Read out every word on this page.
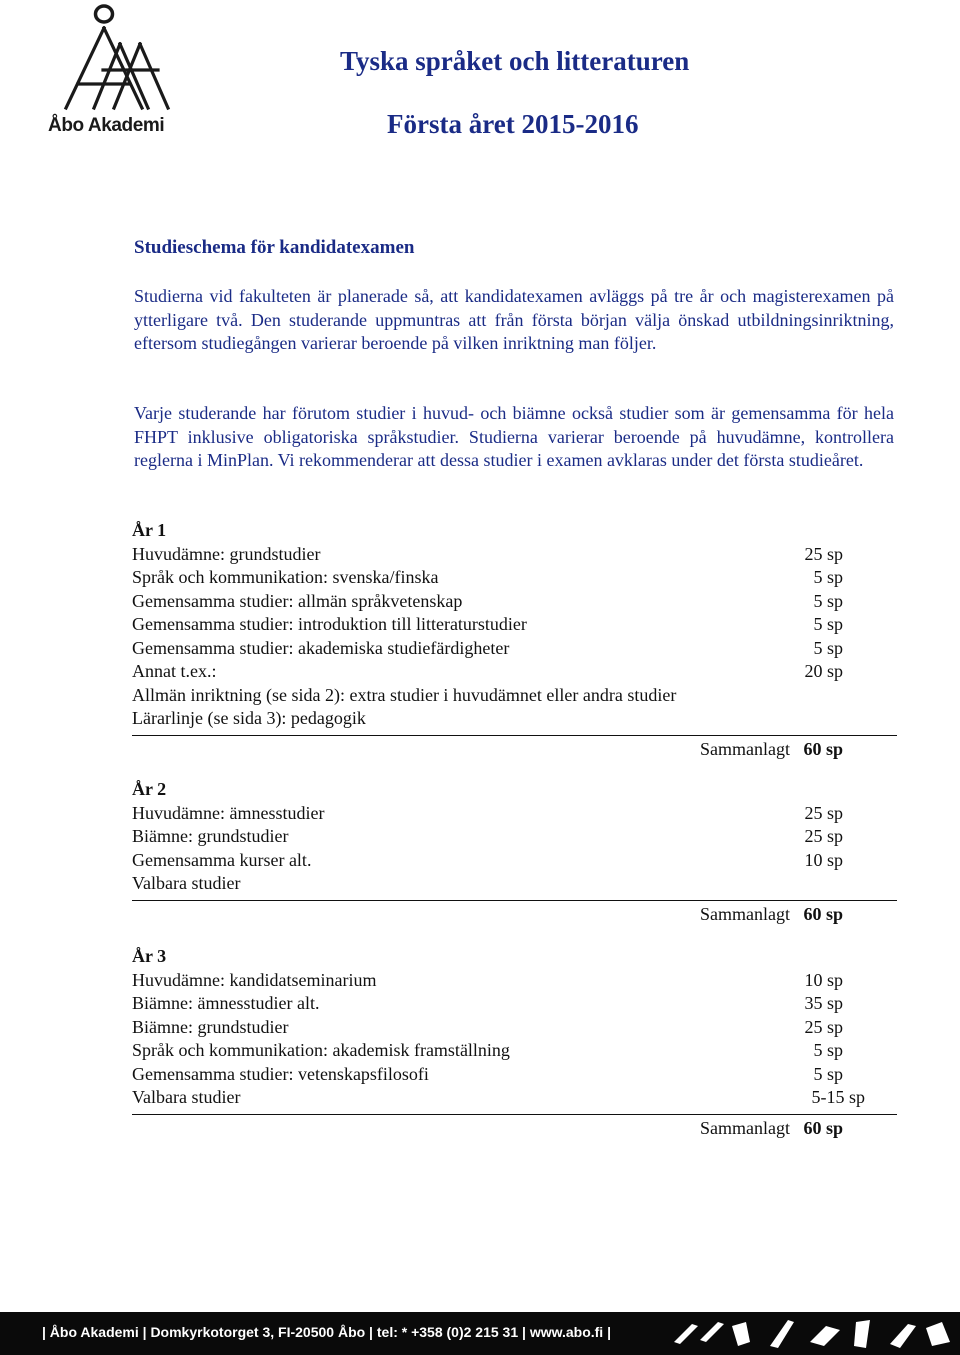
Åbo Akademi
Tyska språket och litteraturen
Första året 2015-2016
Studieschema för kandidatexamen

Studierna vid fakulteten är planerade så, att kandidatexamen avläggs på tre år och magisterexamen på ytterligare två. Den studerande uppmuntras att från första början välja önskad utbildningsinriktning, eftersom studiegången varierar beroende på vilken inriktning man följer.

Varje studerande har förutom studier i huvud- och biämne också studier som är gemensamma för hela FHPT inklusive obligatoriska språkstudier. Studierna varierar beroende på huvudämne, kontrollera reglerna i MinPlan. Vi rekommenderar att dessa studier i examen avklaras under det första studieåret.

År 1
Huvudämne: grundstudier	25 sp
Språk och kommunikation: svenska/finska	5 sp
Gemensamma studier: allmän språkvetenskap	5 sp
Gemensamma studier: introduktion till litteraturstudier	5 sp
Gemensamma studier: akademiska studiefärdigheter	5 sp
Annat t.ex.:	20 sp
Allmän inriktning (se sida 2): extra studier i huvudämnet eller andra studier
Lärarlinje (se sida 3): pedagogik
Sammanlagt 60 sp
År 2
Huvudämne: ämnesstudier	25 sp
Biämne: grundstudier	25 sp
Gemensamma kurser alt.	10 sp
Valbara studier
Sammanlagt 60 sp
År 3
Huvudämne: kandidatseminarium	10 sp
Biämne: ämnesstudier alt.	35 sp
Biämne: grundstudier	25 sp
Språk och kommunikation: akademisk framställning	5 sp
Gemensamma studier: vetenskapsfilosofi	5 sp
Valbara studier	5-15 sp
Sammanlagt 60 sp
| Åbo Akademi | Domkyrkotorget 3, FI-20500 Åbo | tel: * +358 (0)2 215 31 | www.abo.fi |
